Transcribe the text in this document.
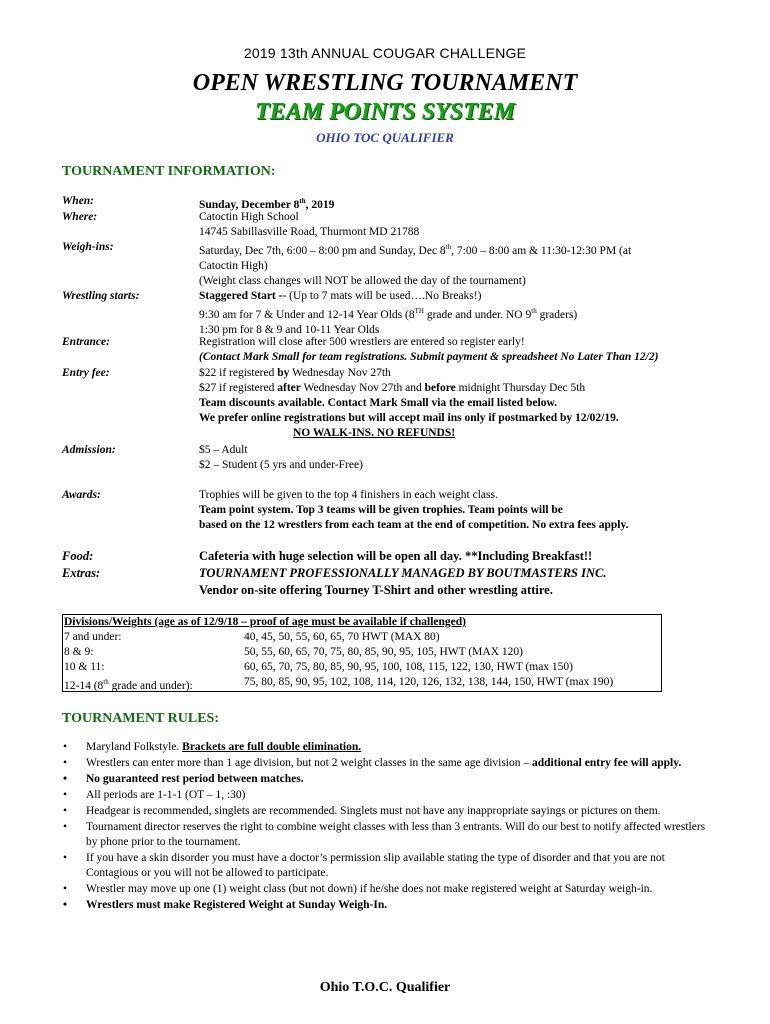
2019 13th ANNUAL COUGAR CHALLENGE
OPEN WRESTLING TOURNAMENT
TEAM POINTS SYSTEM
OHIO TOC QUALIFIER
TOURNAMENT INFORMATION:
When:	Sunday, December 8th, 2019
Where:	Catoctin High School
14745 Sabillasville Road, Thurmont MD 21788
Weigh-ins:	Saturday, Dec 7th, 6:00 – 8:00 pm and Sunday, Dec 8th, 7:00 – 8:00 am & 11:30-12:30 PM (at
Catoctin High)
(Weight class changes will NOT be allowed the day of the tournament)
Wrestling starts:	Staggered Start -- (Up to 7 mats will be used….No Breaks!)
9:30 am for 7 & Under and 12-14 Year Olds (8TH grade and under. NO 9th graders)
1:30 pm for 8 & 9 and 10-11 Year Olds
Entrance:	Registration will close after 500 wrestlers are entered so register early!
(Contact Mark Small for team registrations. Submit payment & spreadsheet No Later Than 12/2)
Entry fee:	$22 if registered by Wednesday Nov 27th
$27 if registered after Wednesday Nov 27th and before midnight Thursday Dec 5th
Team discounts available. Contact Mark Small via the email listed below.
We prefer online registrations but will accept mail ins only if postmarked by 12/02/19.
NO WALK-INS. NO REFUNDS!
Admission:	$5 – Adult
$2 – Student (5 yrs and under-Free)
Awards:	Trophies will be given to the top 4 finishers in each weight class.
Team point system. Top 3 teams will be given trophies. Team points will be
based on the 12 wrestlers from each team at the end of competition. No extra fees apply.
Food:	Cafeteria with huge selection will be open all day. **Including Breakfast!!
Extras:	TOURNAMENT PROFESSIONALLY MANAGED BY BOUTMASTERS INC.
Vendor on-site offering Tourney T-Shirt and other wrestling attire.
Divisions/Weights (age as of 12/9/18 – proof of age must be available if challenged)
7 and under:	40, 45, 50, 55, 60, 65, 70 HWT (MAX 80)
8 & 9:	50, 55, 60, 65, 70, 75, 80, 85, 90, 95, 105, HWT (MAX 120)
10 & 11:	60, 65, 70, 75, 80, 85, 90, 95, 100, 108, 115, 122, 130, HWT (max 150)
12-14 (8th grade and under):	75, 80, 85, 90, 95, 102, 108, 114, 120, 126, 132, 138, 144, 150, HWT (max 190)
TOURNAMENT RULES:
• Maryland Folkstyle. Brackets are full double elimination.
• Wrestlers can enter more than 1 age division, but not 2 weight classes in the same age division – additional entry fee will apply.
• No guaranteed rest period between matches.
• All periods are 1-1-1 (OT – 1, :30)
• Headgear is recommended, singlets are recommended. Singlets must not have any inappropriate sayings or pictures on them.
• Tournament director reserves the right to combine weight classes with less than 3 entrants. Will do our best to notify affected wrestlers by phone prior to the tournament.
• If you have a skin disorder you must have a doctor’s permission slip available stating the type of disorder and that you are not Contagious or you will not be allowed to participate.
• Wrestler may move up one (1) weight class (but not down) if he/she does not make registered weight at Saturday weigh-in.
• Wrestlers must make Registered Weight at Sunday Weigh-In.
Ohio T.O.C. Qualifier
